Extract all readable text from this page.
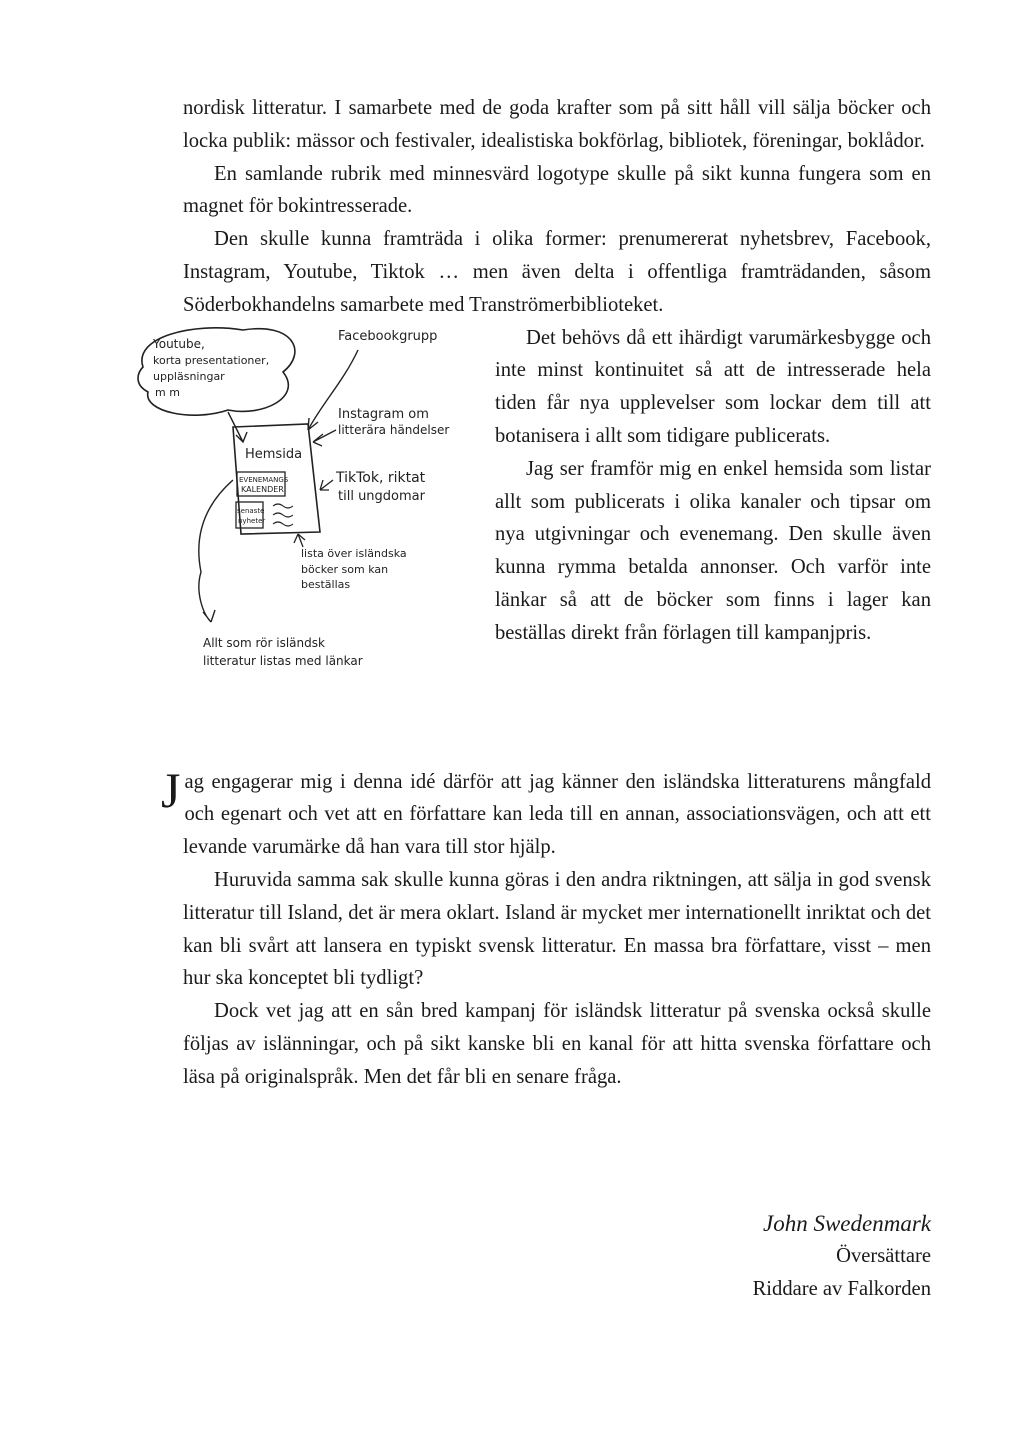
nordisk litteratur. I samarbete med de goda krafter som på sitt håll vill sälja böcker och locka publik: mässor och festivaler, idealistiska bokförlag, bibliotek, föreningar, boklådor.

En samlande rubrik med minnesvärd logotype skulle på sikt kunna fungera som en magnet för bokintresserade.

Den skulle kunna framträda i olika former: prenumererat nyhetsbrev, Facebook, Instagram, Youtube, Tiktok … men även delta i offentliga framträdanden, såsom Söderbokhandelns samarbete med Tranströmerbiblioteket.

Youtube,
korta presentationer,
uppläsningar
m m
Facebookgrupp
Hemsida
EVENEMANGS
KALENDER
senaste
nyheter
Instagram om
litterära händelser
TikTok, riktat
till ungdomar
lista över isländska
böcker som kan
beställas
Allt som rör isländsk
litteratur listas med länkar

Det behövs då ett ihärdigt varumärkesbygge och inte minst kontinuitet så att de intresserade hela tiden får nya upplevelser som lockar dem till att botanisera i allt som tidigare publicerats.

Jag ser framför mig en enkel hemsida som listar allt som publicerats i olika kanaler och tipsar om nya utgivningar och evenemang. Den skulle även kunna rymma betalda annonser. Och varför inte länkar så att de böcker som finns i lager kan beställas direkt från förlagen till kampanjpris.

Jag engagerar mig i denna idé därför att jag känner den isländska litteraturens mångfald och egenart och vet att en författare kan leda till en annan, associationsvägen, och att ett levande varumärke då han vara till stor hjälp.

Huruvida samma sak skulle kunna göras i den andra riktningen, att sälja in god svensk litteratur till Island, det är mera oklart. Island är mycket mer internationellt inriktat och det kan bli svårt att lansera en typiskt svensk litteratur. En massa bra författare, visst – men hur ska konceptet bli tydligt?

Dock vet jag att en sån bred kampanj för isländsk litteratur på svenska också skulle följas av islänningar, och på sikt kanske bli en kanal för att hitta svenska författare och läsa på originalspråk. Men det får bli en senare fråga.

John Swedenmark
Översättare
Riddare av Falkorden
